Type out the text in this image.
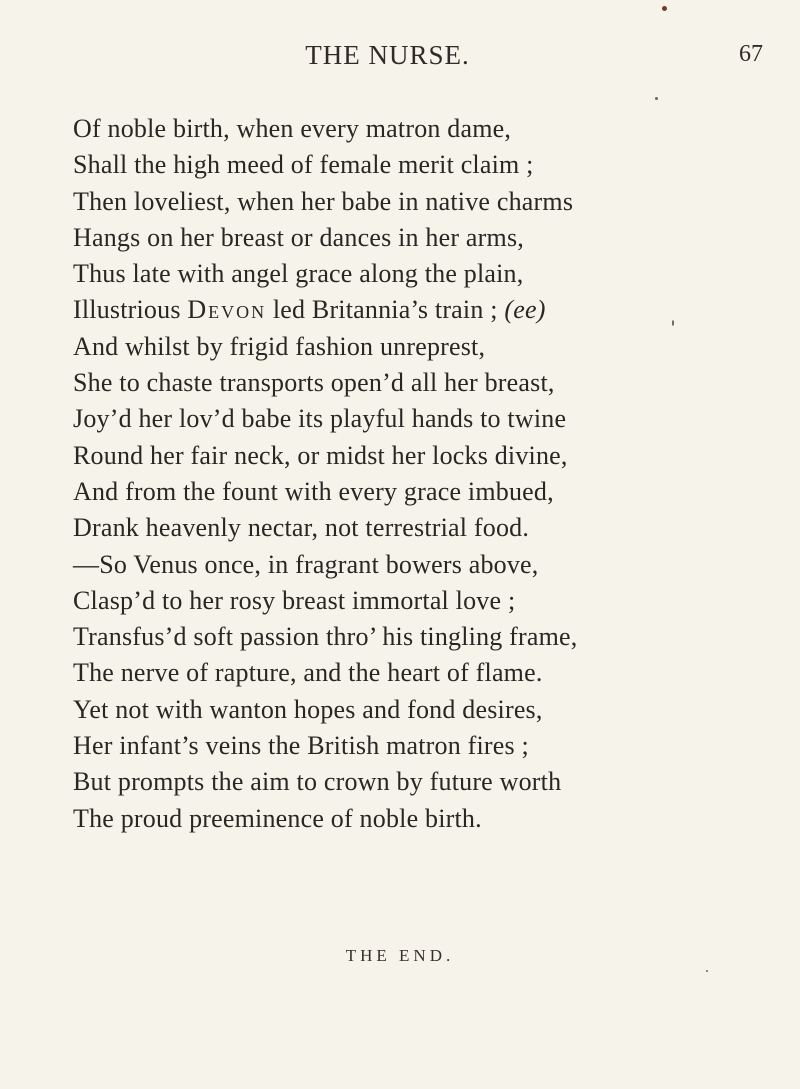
THE NURSE.	67
Of noble birth, when every matron dame,
Shall the high meed of female merit claim ;
Then loveliest, when her babe in native charms
Hangs on her breast or dances in her arms,
Thus late with angel grace along the plain,
Illustrious Devon led Britannia’s train ; (ee)
And whilst by frigid fashion unreprest,
She to chaste transports open’d all her breast,
Joy’d her lov’d babe its playful hands to twine
Round her fair neck, or midst her locks divine,
And from the fount with every grace imbued,
Drank heavenly nectar, not terrestrial food.
—So Venus once, in fragrant bowers above,
Clasp’d to her rosy breast immortal love ;
Transfus’d soft passion thro’ his tingling frame,
The nerve of rapture, and the heart of flame.
Yet not with wanton hopes and fond desires,
Her infant’s veins the British matron fires ;
But prompts the aim to crown by future worth
The proud preeminence of noble birth.
THE END.
